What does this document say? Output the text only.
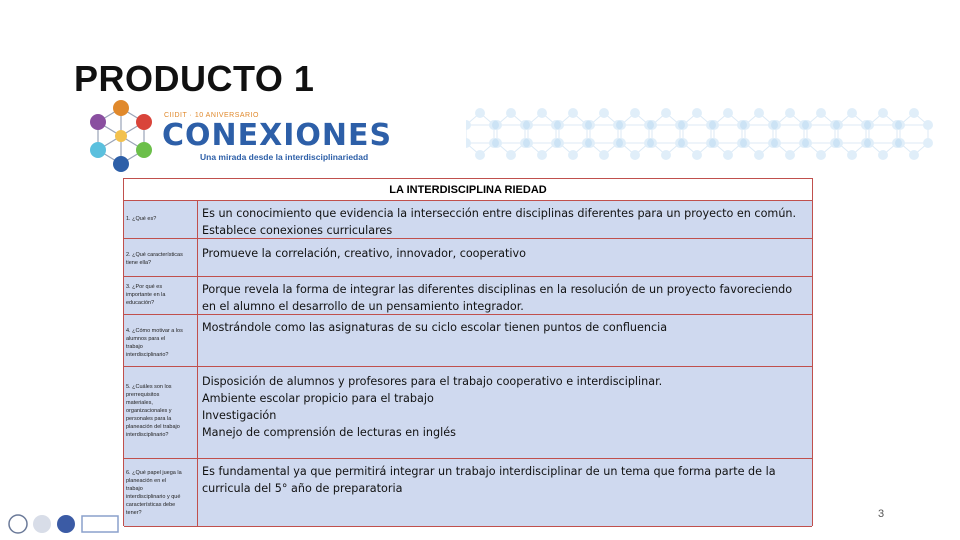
PRODUCTO 1
CIIDIT · 10 ANIVERSARIO
CONEXIONES
Una mirada desde la interdisciplinariedad
LA INTERDISCIPLINA RIEDAD
1. ¿Qué es?	Es un conocimiento que evidencia la intersección entre disciplinas diferentes para un proyecto en común.
Establece conexiones curriculares
2. ¿Qué características
tiene ella?
Promueve la correlación, creativo, innovador, cooperativo
3. ¿Por qué es
importante en la
educación?
Porque revela la forma de integrar las diferentes disciplinas en la resolución de un proyecto favoreciendo
en el alumno el desarrollo de un pensamiento integrador.
4. ¿Cómo motivar a los
alumnos para el
trabajo
interdisciplinario?
Mostrándole como las asignaturas de su ciclo escolar tienen puntos de confluencia
5. ¿Cuáles son los
prerrequisitos
materiales,
organizacionales y
personales para la
planeación del trabajo
interdisciplinario?
Disposición de alumnos y profesores para el trabajo cooperativo e interdisciplinar.
Ambiente escolar propicio para el trabajo
Investigación
Manejo de comprensión de lecturas en inglés
6. ¿Qué papel juega la
planeación en el
trabajo
interdisciplinario y qué
características debe
tener?
Es fundamental ya que permitirá integrar un trabajo interdisciplinar de un tema que forma parte de la
curricula del 5° año de preparatoria
3
